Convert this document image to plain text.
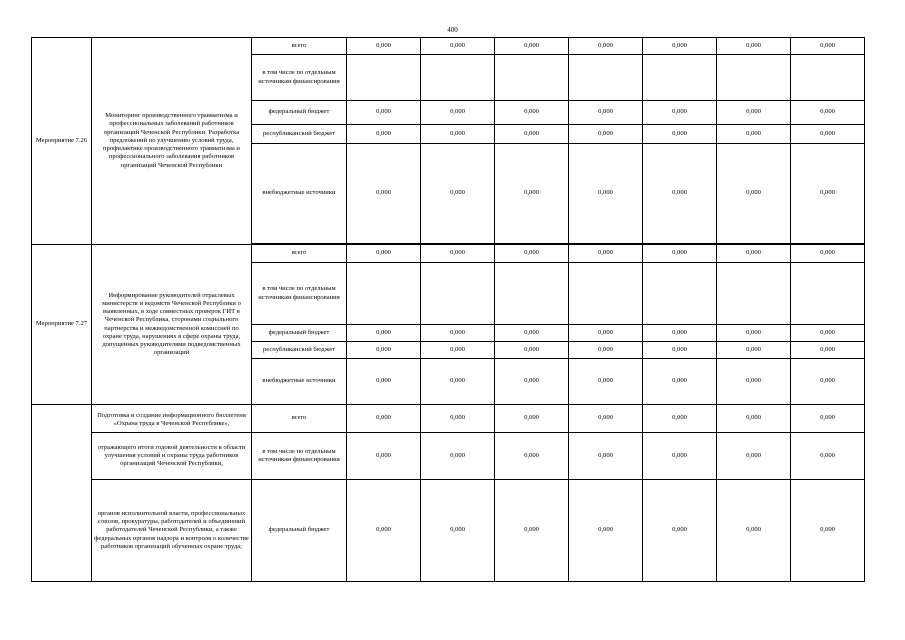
400
Мероприятие 7.26	Мониторинг производственного травматизма и профессиональных заболеваний работников организаций Чеченской Республики. Разработка предложений по улучшению условий труда, профилактике производственного травматизма и профессионального заболевания работников организаций Чеченской Республики	всего	0,000	0,000	0,000	0,000	0,000	0,000	0,000
		в том числе по отдельным источникам финансирования							
		федеральный бюджет	0,000	0,000	0,000	0,000	0,000	0,000	0,000
		республиканский бюджет	0,000	0,000	0,000	0,000	0,000	0,000	0,000
		внебюджетные источники	0,000	0,000	0,000	0,000	0,000	0,000	0,000

Мероприятие 7.27	Информирование руководителей отраслевых министерств и ведомств Чеченской Республики о выявленных, в ходе совместных проверок ГИТ в Чеченской Республика, сторонами социального партнерства и межведомственной комиссией по охране труда, нарушениях в сфере охраны труда, допущенных руководителями подведомственных организаций	всего	0,000	0,000	0,000	0,000	0,000	0,000	0,000
		в том числе по отдельным источникам финансирования							
		федеральный бюджет	0,000	0,000	0,000	0,000	0,000	0,000	0,000
		республиканский бюджет	0,000	0,000	0,000	0,000	0,000	0,000	0,000
		внебюджетные источники	0,000	0,000	0,000	0,000	0,000	0,000	0,000

	Подготовка и создание информационного бюллетеня «Охрана труда в Чеченской Республике»,	всего	0,000	0,000	0,000	0,000	0,000	0,000	0,000
	отражающего итоги годовой деятельности в области улучшения условий и охраны труда работников организаций Чеченской Республики,	в том числе по отдельным источникам финансирования	0,000	0,000	0,000	0,000	0,000	0,000	0,000
	органов исполнительной власти, профессиональных союзов, прокуратуры, работодателей и объединений работодателей Чеченской Республики, а также федеральных органов надзора и контроля о количестве работников организаций обученных охране труда;	федеральный бюджет	0,000	0,000	0,000	0,000	0,000	0,000	0,000
